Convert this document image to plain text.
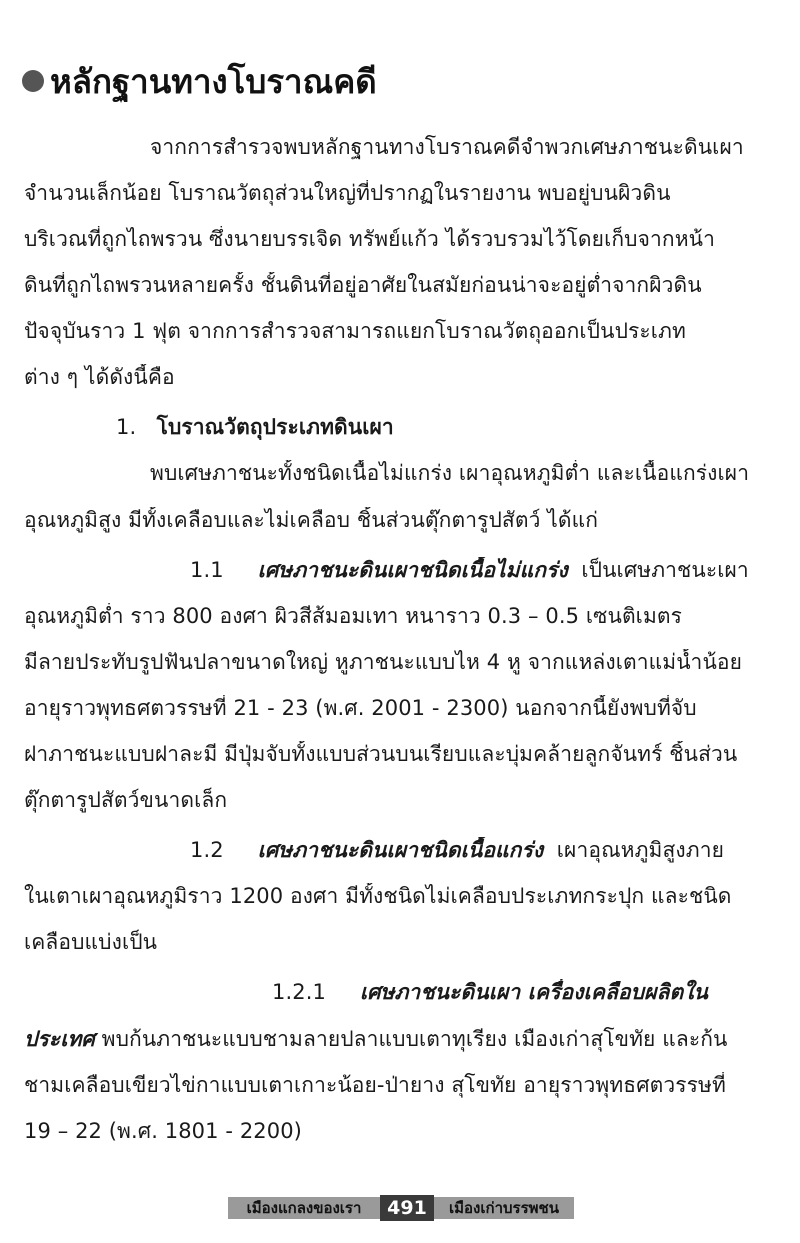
หลักฐานทางโบราณคดี
จากการสำรวจพบหลักฐานทางโบราณคดีจำพวกเศษภาชนะดินเผา
จำนวนเล็กน้อย โบราณวัตถุส่วนใหญ่ที่ปรากฏในรายงาน พบอยู่บนผิวดิน
บริเวณที่ถูกไถพรวน ซึ่งนายบรรเจิด ทรัพย์แก้ว ได้รวบรวมไว้โดยเก็บจากหน้า
ดินที่ถูกไถพรวนหลายครั้ง ชั้นดินที่อยู่อาศัยในสมัยก่อนน่าจะอยู่ต่ำจากผิวดิน
ปัจจุบันราว 1 ฟุต จากการสำรวจสามารถแยกโบราณวัตถุออกเป็นประเภท
ต่าง ๆ ได้ดังนี้คือ
1. โบราณวัตถุประเภทดินเผา
พบเศษภาชนะทั้งชนิดเนื้อไม่แกร่ง เผาอุณหภูมิต่ำ และเนื้อแกร่งเผา
อุณหภูมิสูง มีทั้งเคลือบและไม่เคลือบ ชิ้นส่วนตุ๊กตารูปสัตว์ ได้แก่
1.1 เศษภาชนะดินเผาชนิดเนื้อไม่แกร่ง เป็นเศษภาชนะเผา
อุณหภูมิต่ำ ราว 800 องศา ผิวสีส้มอมเทา หนาราว 0.3 – 0.5 เซนติเมตร
มีลายประทับรูปฟันปลาขนาดใหญ่ หูภาชนะแบบไห 4 หู จากแหล่งเตาแม่น้ำน้อย
อายุราวพุทธศตวรรษที่ 21 - 23 (พ.ศ. 2001 - 2300) นอกจากนี้ยังพบที่จับ
ฝาภาชนะแบบฝาละมี มีปุ่มจับทั้งแบบส่วนบนเรียบและบุ่มคล้ายลูกจันทร์ ชิ้นส่วน
ตุ๊กตารูปสัตว์ขนาดเล็ก
1.2 เศษภาชนะดินเผาชนิดเนื้อแกร่ง เผาอุณหภูมิสูงภาย
ในเตาเผาอุณหภูมิราว 1200 องศา มีทั้งชนิดไม่เคลือบประเภทกระปุก และชนิด
เคลือบแบ่งเป็น
1.2.1 เศษภาชนะดินเผา เครื่องเคลือบผลิตใน
ประเทศ พบก้นภาชนะแบบชามลายปลาแบบเตาทุเรียง เมืองเก่าสุโขทัย และก้น
ชามเคลือบเขียวไข่กาแบบเตาเกาะน้อย-ป่ายาง สุโขทัย อายุราวพุทธศตวรรษที่
19 – 22 (พ.ศ. 1801 - 2200)
เมืองแกลงของเรา	491	เมืองเก่าบรรพชน
